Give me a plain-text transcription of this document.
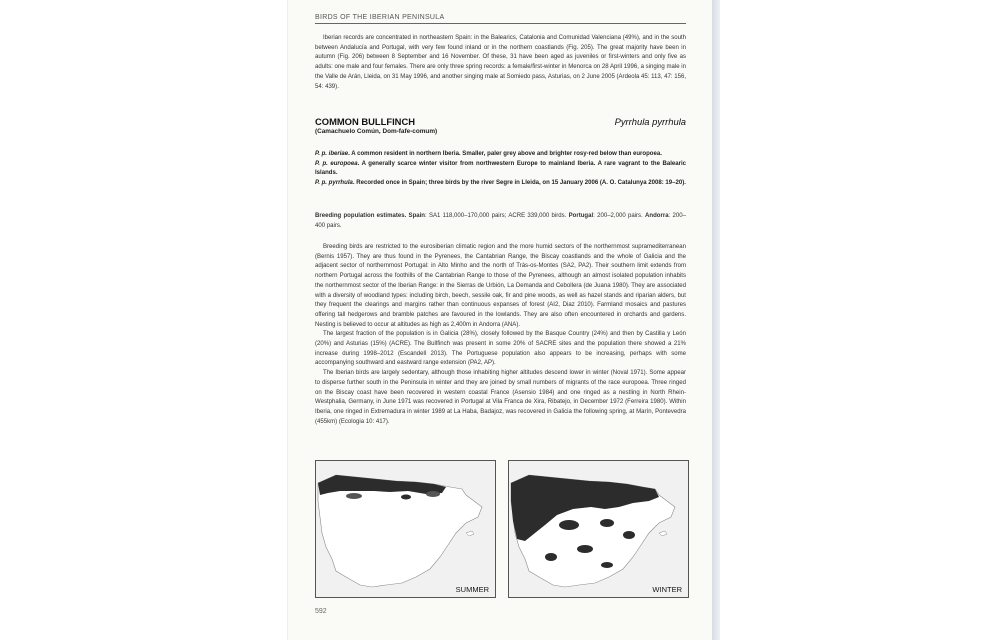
BIRDS OF THE IBERIAN PENINSULA

Iberian records are concentrated in northeastern Spain: in the Balearics, Catalonia and Comunidad Valenciana (49%), and in the south between Andalucía and Portugal, with very few found inland or in the northern coastlands (Fig. 205). The great majority have been in autumn (Fig. 206) between 8 September and 16 November. Of these, 31 have been aged as juveniles or first-winters and only five as adults: one male and four females. There are only three spring records: a female/first-winter in Menorca on 28 April 1996, a singing male in the Valle de Arán, Lleida, on 31 May 1996, and another singing male at Somiedo pass, Asturias, on 2 June 2005 (Ardeola 45: 113, 47: 156, 54: 439).

COMMON BULLFINCH	Pyrrhula pyrrhula
(Camachuelo Común, Dom-fafe-comum)
P. p. iberiae. A common resident in northern Iberia. Smaller, paler grey above and brighter rosy-red below than europoea.
P. p. europoea. A generally scarce winter visitor from northwestern Europe to mainland Iberia. A rare vagrant to the Balearic Islands.
P. p. pyrrhula. Recorded once in Spain; three birds by the river Segre in Lleida, on 15 January 2006 (A. O. Catalunya 2008: 19–20).
Breeding population estimates. Spain: SA1 118,000–170,000 pairs; ACRE 339,000 birds. Portugal: 200–2,000 pairs. Andorra: 200–400 pairs.

Breeding birds are restricted to the eurosiberian climatic region and the more humid sectors of the northernmost supramediterranean (Bernis 1957). They are thus found in the Pyrenees, the Cantabrian Range, the Biscay coastlands and the whole of Galicia and the adjacent sector of northernmost Portugal: in Alto Minho and the north of Trás-os-Montes (SA2, PA2). Their southern limit extends from northern Portugal across the foothills of the Cantabrian Range to those of the Pyrenees, although an almost isolated population inhabits the northernmost sector of the Iberian Range: in the Sierras de Urbión, La Demanda and Cebollera (de Juana 1980). They are associated with a diversity of woodland types: including birch, beech, sessile oak, fir and pine woods, as well as hazel stands and riparian alders, but they frequent the clearings and margins rather than continuous expanses of forest (AI2, Diaz 2010). Farmland mosaics and pastures offering tall hedgerows and bramble patches are favoured in the lowlands. They are also often encountered in orchards and gardens. Nesting is believed to occur at altitudes as high as 2,400m in Andorra (ANA).

The largest fraction of the population is in Galicia (28%), closely followed by the Basque Country (24%) and then by Castilla y León (20%) and Asturias (15%) (ACRE). The Bullfinch was present in some 20% of SACRE sites and the population there showed a 21% increase during 1998–2012 (Escandell 2013). The Portuguese population also appears to be increasing, perhaps with some accompanying southward and eastward range extension (PA2, AP).

The Iberian birds are largely sedentary, although those inhabiting higher altitudes descend lower in winter (Noval 1971). Some appear to disperse further south in the Peninsula in winter and they are joined by small numbers of migrants of the race europoea. Three ringed on the Biscay coast have been recovered in western coastal France (Asensio 1984) and one ringed as a nestling in North Rhein-Westphalia, Germany, in June 1971 was recovered in Portugal at Vila Franca de Xira, Ribatejo, in December 1972 (Ferreira 1980). Within Iberia, one ringed in Extremadura in winter 1989 at La Haba, Badajoz, was recovered in Galicia the following spring, at Marín, Pontevedra (455km) (Ecologia 10: 417).

SUMMER	WINTER
592
